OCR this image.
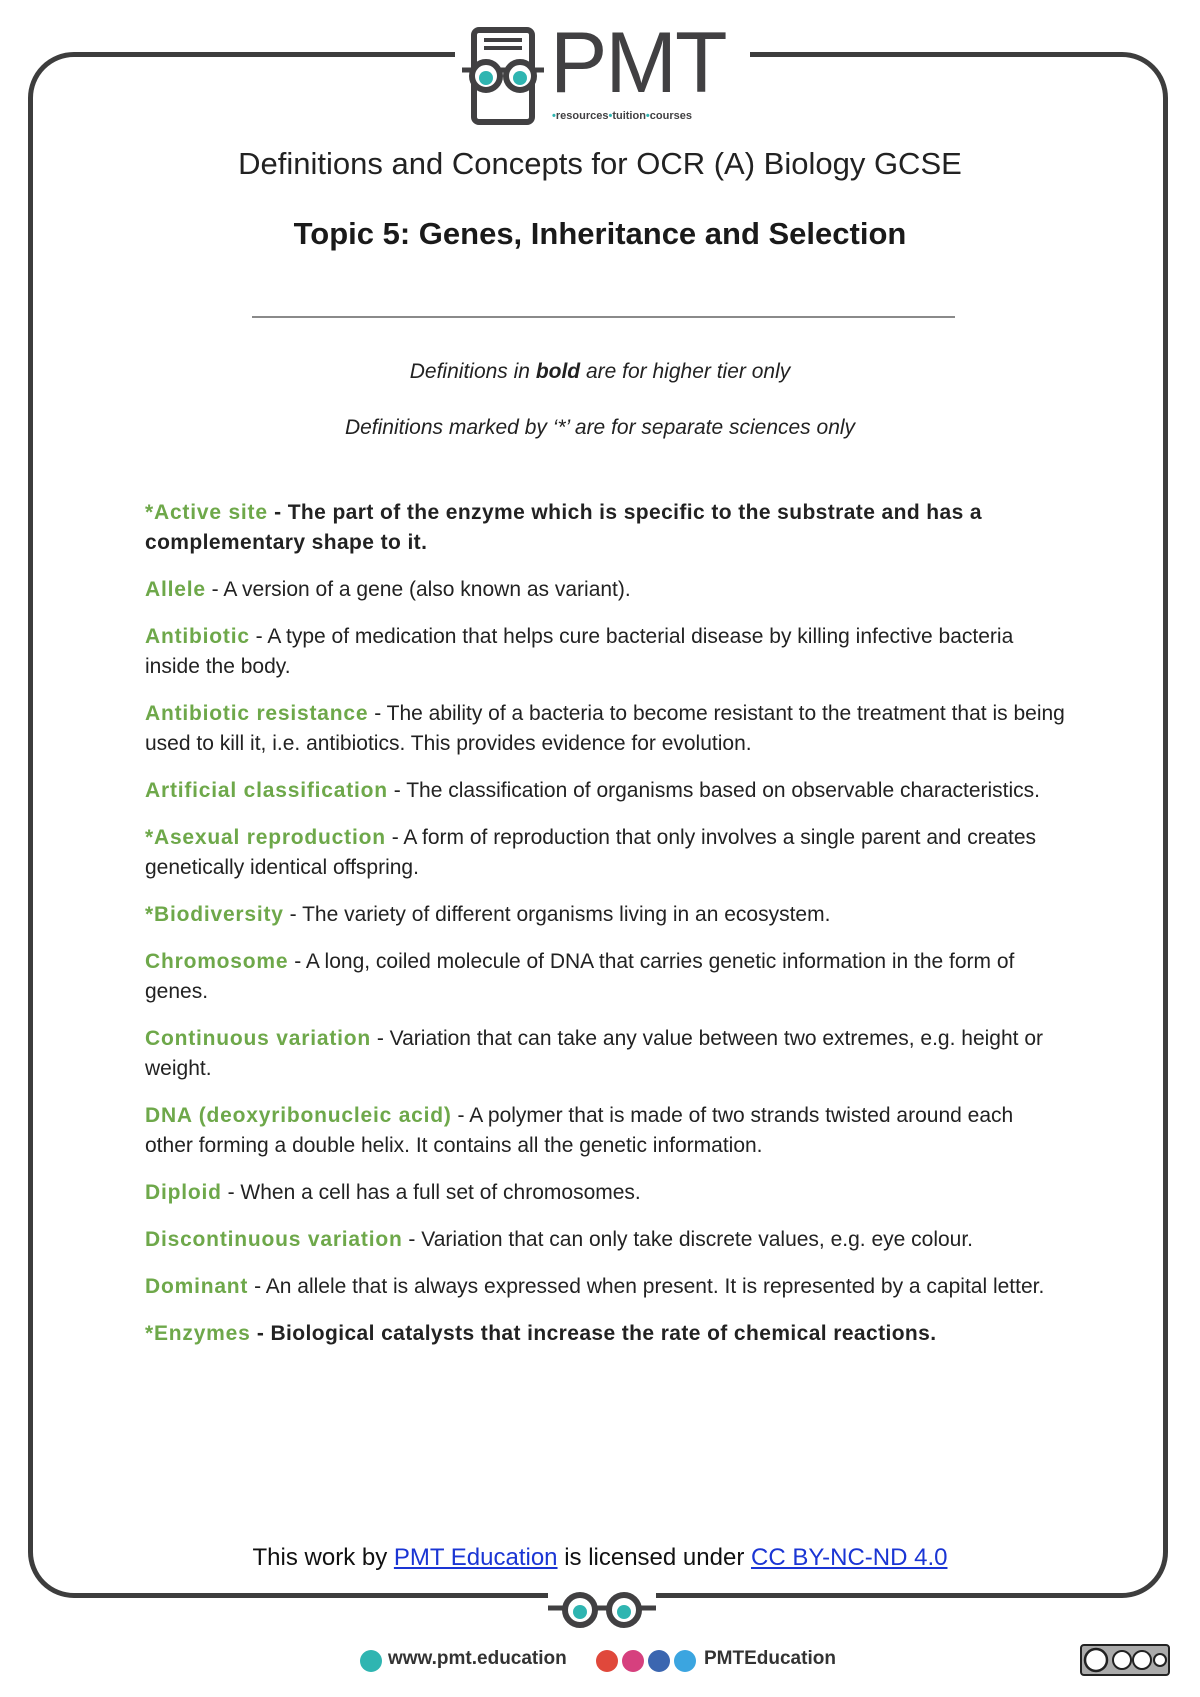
PMT
•resources•tuition•courses
Definitions and Concepts for OCR (A) Biology GCSE
Topic 5: Genes, Inheritance and Selection
Definitions in bold are for higher tier only
Definitions marked by ‘*’ are for separate sciences only

*Active site - The part of the enzyme which is specific to the substrate and has a complementary shape to it.

Allele - A version of a gene (also known as variant).

Antibiotic - A type of medication that helps cure bacterial disease by killing infective bacteria inside the body.

Antibiotic resistance - The ability of a bacteria to become resistant to the treatment that is being used to kill it, i.e. antibiotics. This provides evidence for evolution.

Artificial classification - The classification of organisms based on observable characteristics.

*Asexual reproduction - A form of reproduction that only involves a single parent and creates genetically identical offspring.

*Biodiversity - The variety of different organisms living in an ecosystem.

Chromosome - A long, coiled molecule of DNA that carries genetic information in the form of genes.

Continuous variation - Variation that can take any value between two extremes, e.g. height or weight.

DNA (deoxyribonucleic acid) - A polymer that is made of two strands twisted around each other forming a double helix. It contains all the genetic information.

Diploid - When a cell has a full set of chromosomes.

Discontinuous variation - Variation that can only take discrete values, e.g. eye colour.

Dominant - An allele that is always expressed when present. It is represented by a capital letter.

*Enzymes - Biological catalysts that increase the rate of chemical reactions.

This work by PMT Education is licensed under CC BY-NC-ND 4.0
www.pmt.education	PMTEducation
